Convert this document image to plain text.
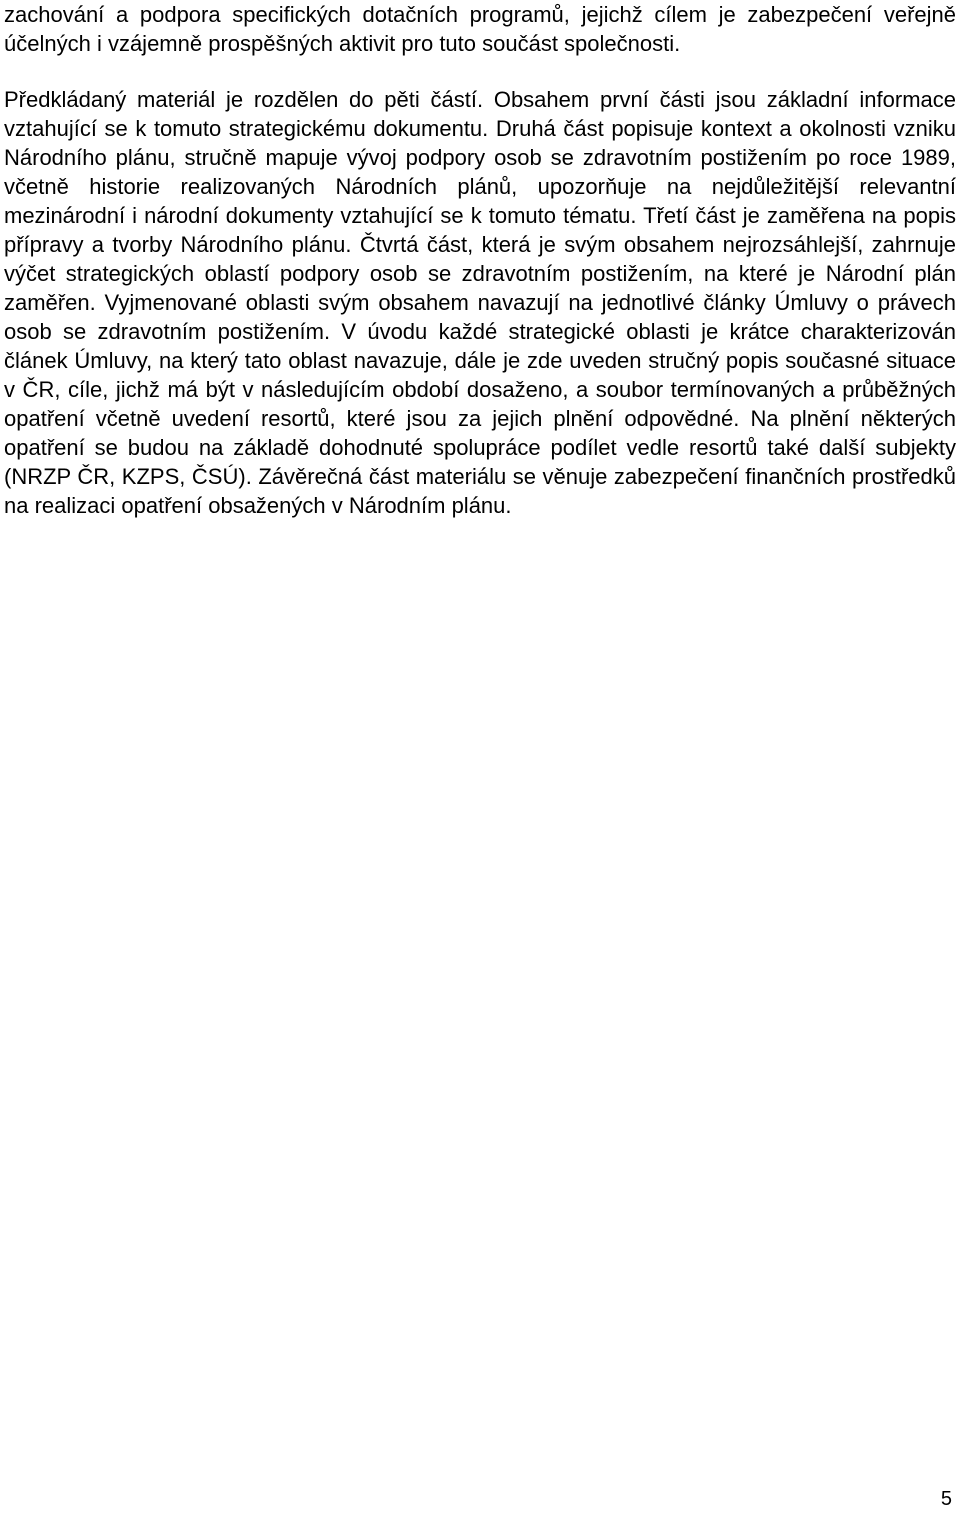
zachování a podpora specifických dotačních programů, jejichž cílem je zabezpečení veřejně účelných i vzájemně prospěšných aktivit pro tuto součást společnosti.

Předkládaný materiál je rozdělen do pěti částí. Obsahem první části jsou základní informace vztahující se k tomuto strategickému dokumentu. Druhá část popisuje kontext a okolnosti vzniku Národního plánu, stručně mapuje vývoj podpory osob se zdravotním postižením po roce 1989, včetně historie realizovaných Národních plánů, upozorňuje na nejdůležitější relevantní mezinárodní i národní dokumenty vztahující se k tomuto tématu. Třetí část je zaměřena na popis přípravy a tvorby Národního plánu. Čtvrtá část, která je svým obsahem nejrozsáhlejší, zahrnuje výčet strategických oblastí podpory osob se zdravotním postižením, na které je Národní plán zaměřen. Vyjmenované oblasti svým obsahem navazují na jednotlivé články Úmluvy o právech osob se zdravotním postižením. V úvodu každé strategické oblasti je krátce charakterizován článek Úmluvy, na který tato oblast navazuje, dále je zde uveden stručný popis současné situace v ČR, cíle, jichž má být v následujícím období dosaženo, a soubor termínovaných a průběžných opatření včetně uvedení resortů, které jsou za jejich plnění odpovědné. Na plnění některých opatření se budou na základě dohodnuté spolupráce podílet vedle resortů také další subjekty (NRZP ČR, KZPS, ČSÚ). Závěrečná část materiálu se věnuje zabezpečení finančních prostředků na realizaci opatření obsažených v Národním plánu.

5
